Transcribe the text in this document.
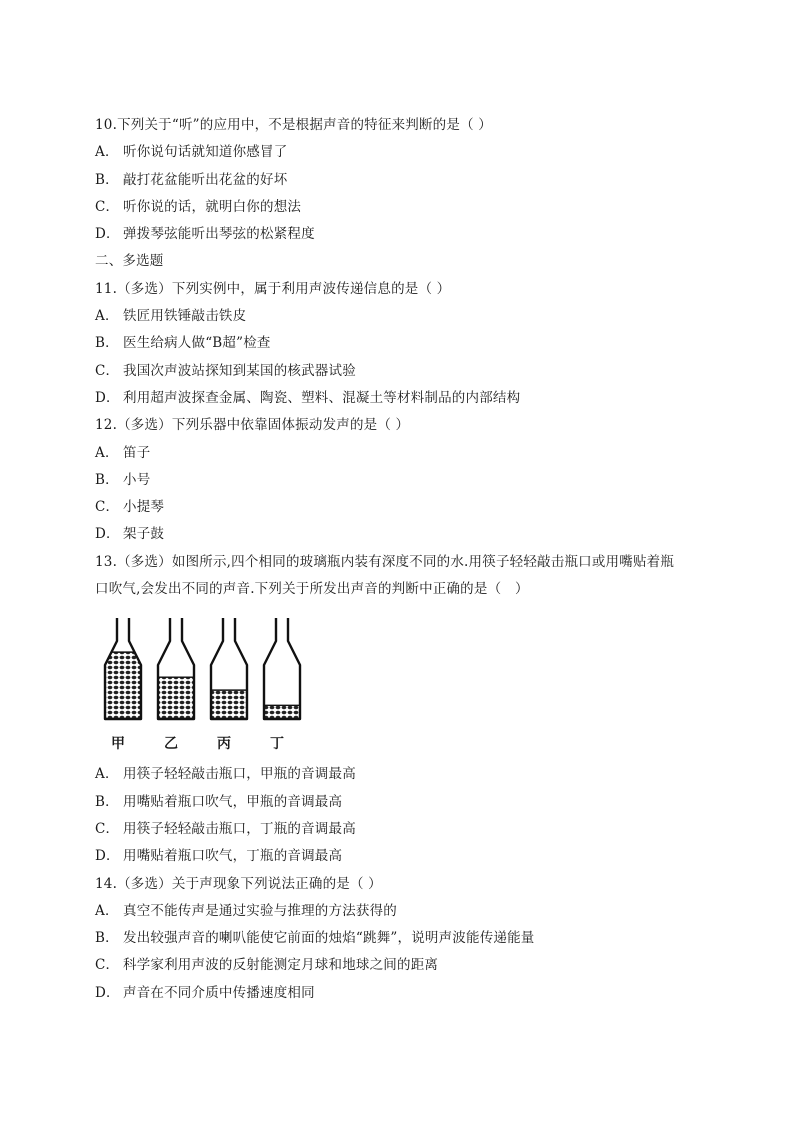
10.下列关于“听”的应用中，不是根据声音的特征来判断的是（ ）
A． 听你说句话就知道你感冒了
B． 敲打花盆能听出花盆的好坏
C． 听你说的话，就明白你的想法
D． 弹拨琴弦能听出琴弦的松紧程度
二、多选题
11.（多选）下列实例中，属于利用声波传递信息的是（ ）
A． 铁匠用铁锤敲击铁皮
B． 医生给病人做“B超”检查
C． 我国次声波站探知到某国的核武器试验
D． 利用超声波探查金属、陶瓷、塑料、混凝土等材料制品的内部结构
12.（多选）下列乐器中依靠固体振动发声的是（ ）
A． 笛子
B． 小号
C． 小提琴
D． 架子鼓
13.（多选）如图所示,四个相同的玻璃瓶内装有深度不同的水.用筷子轻轻敲击瓶口或用嘴贴着瓶
口吹气,会发出不同的声音.下列关于所发出声音的判断中正确的是（　）
甲	乙	丙	丁
A． 用筷子轻轻敲击瓶口，甲瓶的音调最高
B． 用嘴贴着瓶口吹气，甲瓶的音调最高
C． 用筷子轻轻敲击瓶口，丁瓶的音调最高
D． 用嘴贴着瓶口吹气，丁瓶的音调最高
14.（多选）关于声现象下列说法正确的是（ ）
A． 真空不能传声是通过实验与推理的方法获得的
B． 发出较强声音的喇叭能使它前面的烛焰“跳舞”，说明声波能传递能量
C． 科学家利用声波的反射能测定月球和地球之间的距离
D． 声音在不同介质中传播速度相同
